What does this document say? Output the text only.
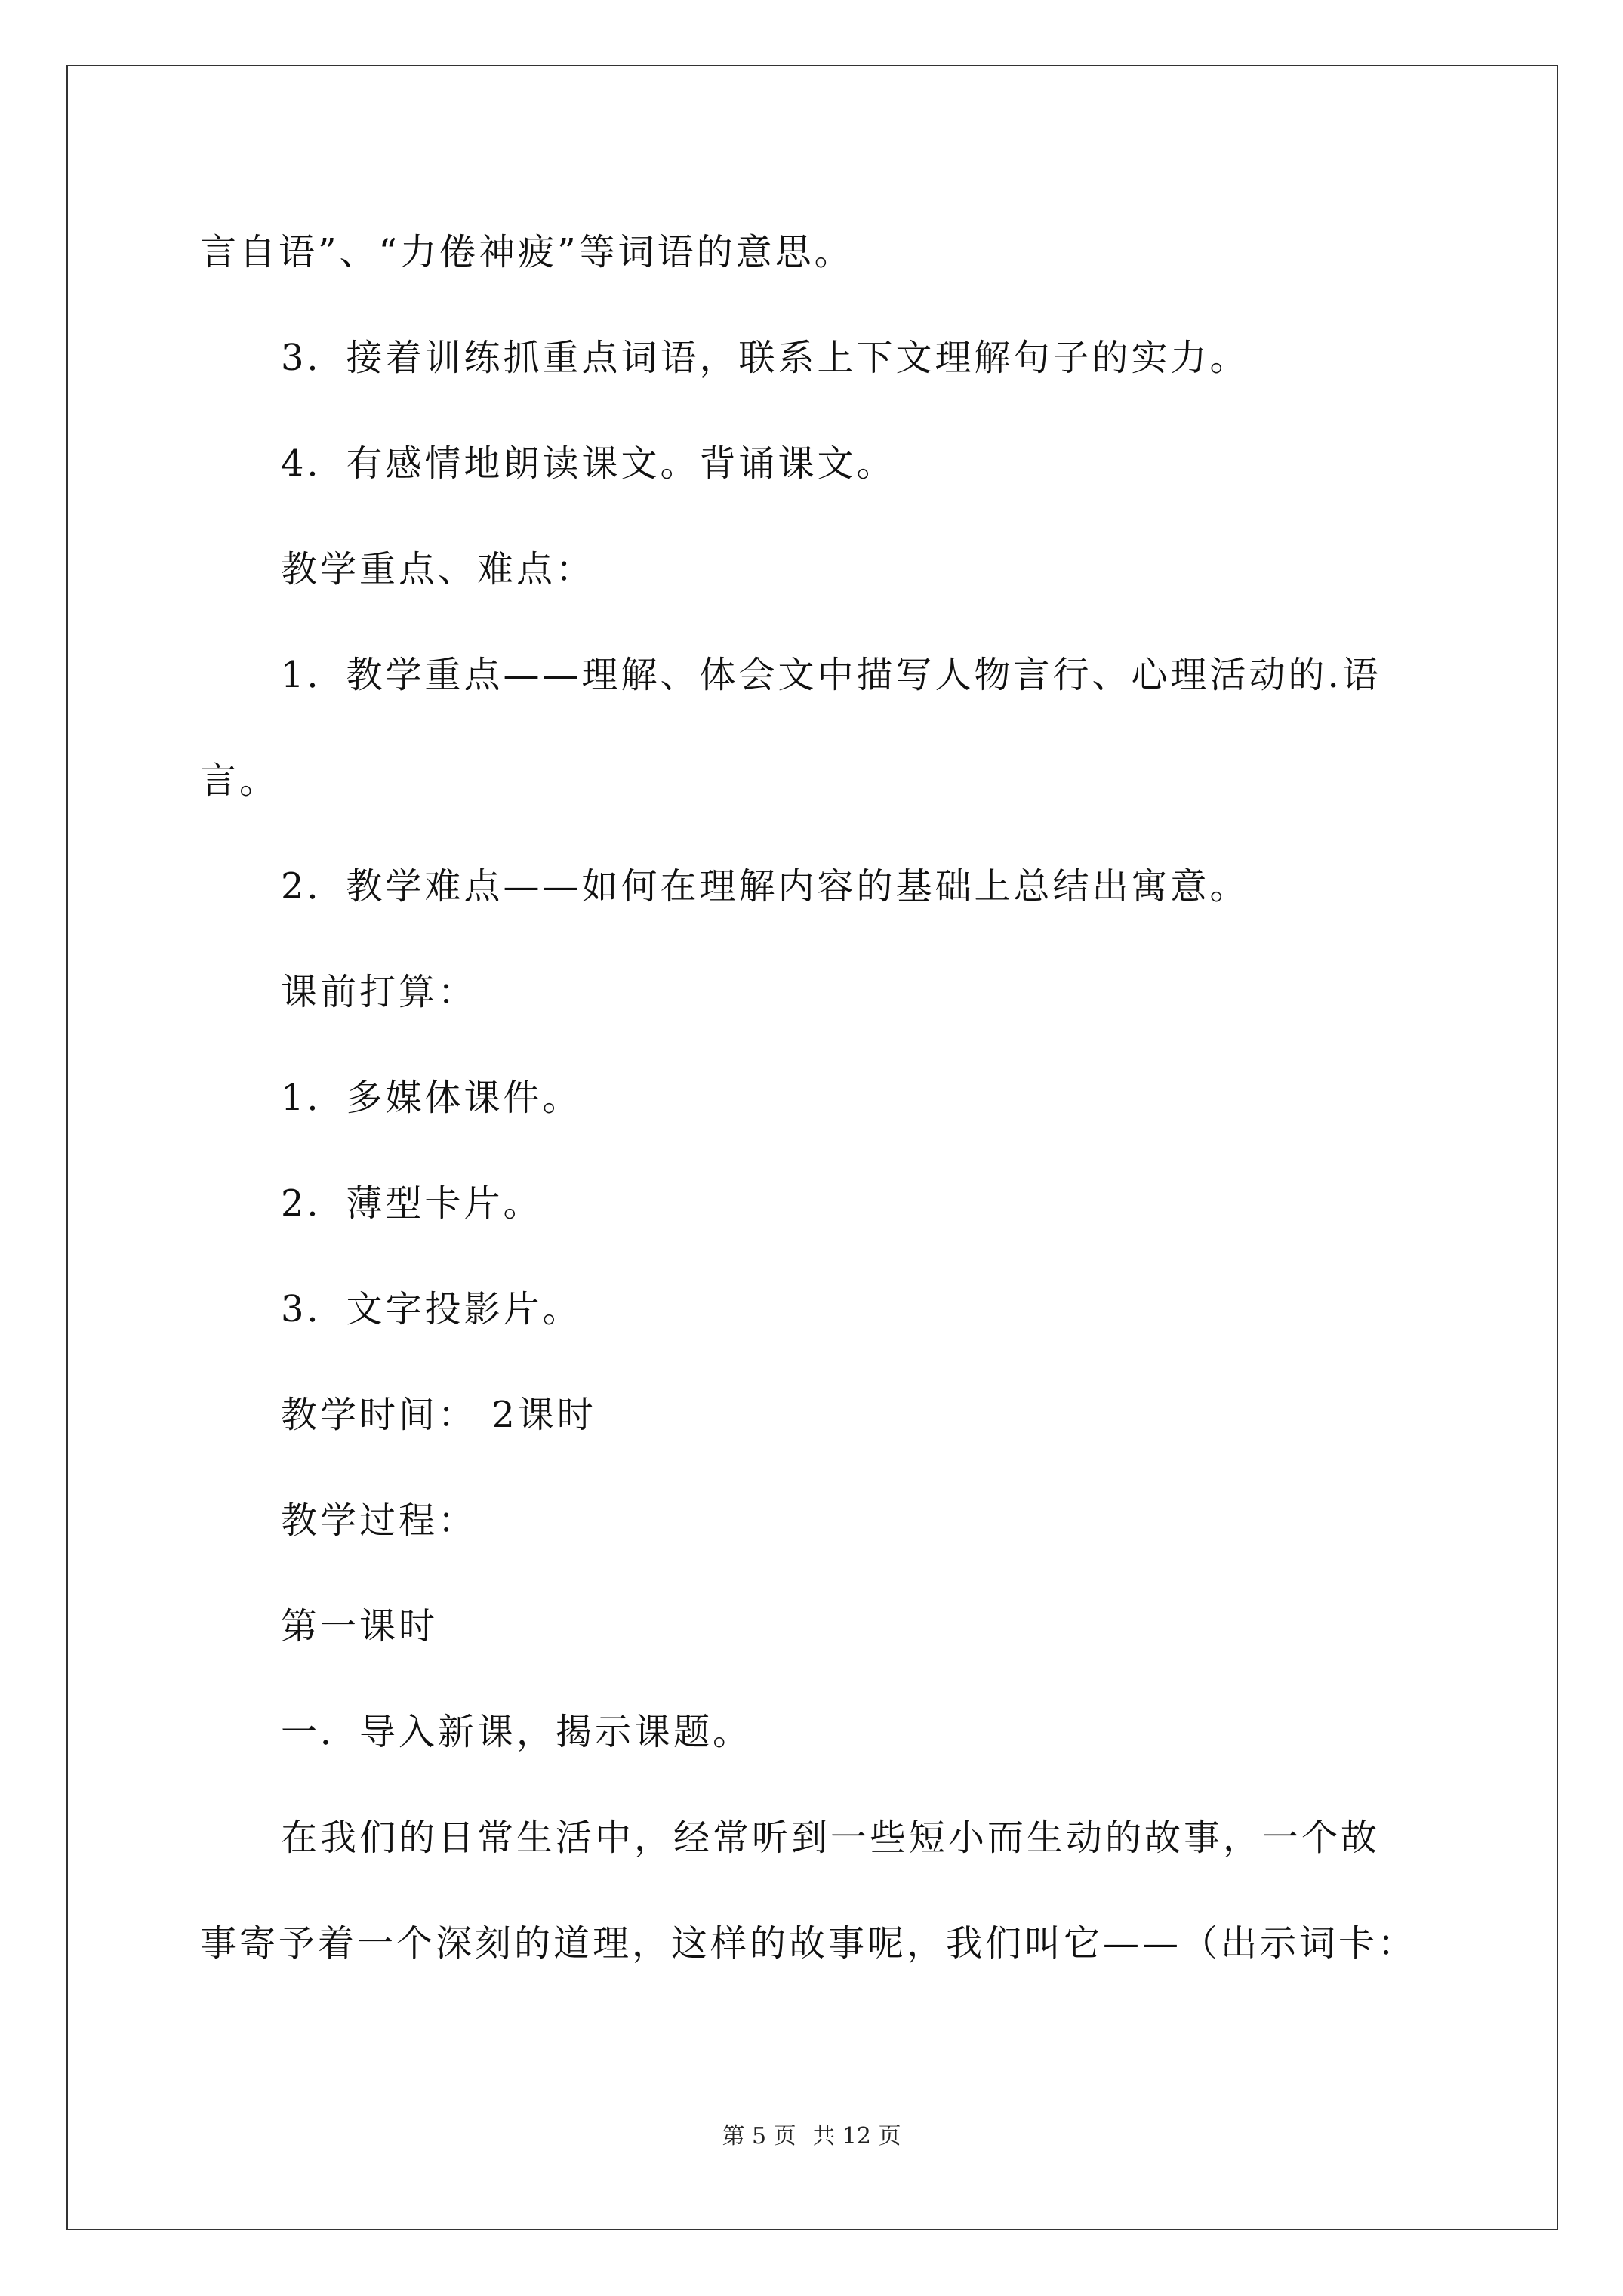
言自语”、“力倦神疲”等词语的意思。
3．接着训练抓重点词语，联系上下文理解句子的实力。
4．有感情地朗读课文。背诵课文。
教学重点、难点：
1．教学重点——理解、体会文中描写人物言行、心理活动的.语
言。
2．教学难点——如何在理解内容的基础上总结出寓意。
课前打算：
1．多媒体课件。
2．薄型卡片。
3．文字投影片。
教学时间： 2课时
教学过程：
第一课时
一．导入新课，揭示课题。
在我们的日常生活中，经常听到一些短小而生动的故事，一个故
事寄予着一个深刻的道理，这样的故事呢，我们叫它——（出示词卡：
第 5 页 共 12 页
